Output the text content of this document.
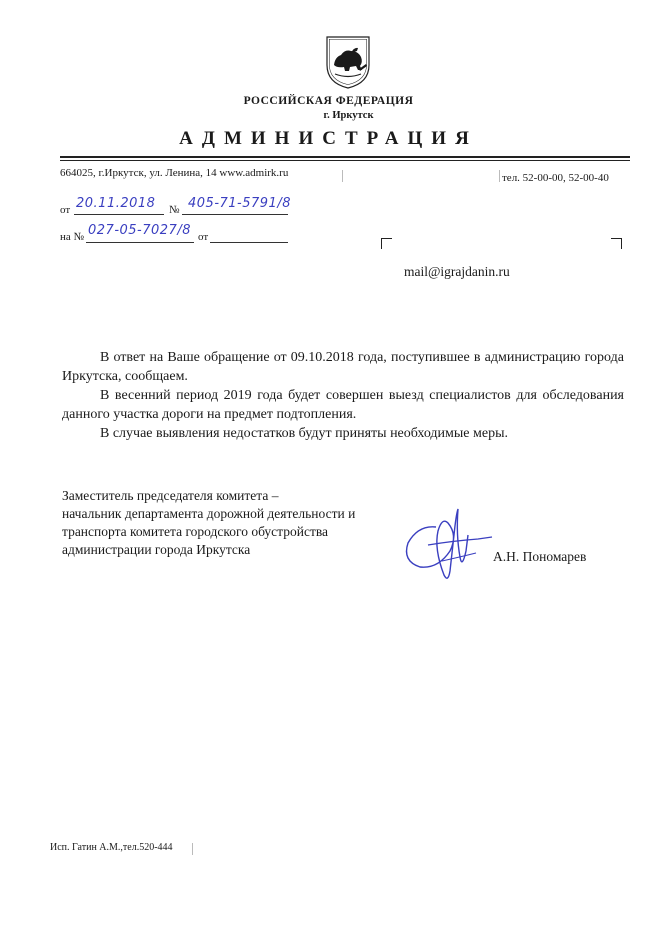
РОССИЙСКАЯ ФЕДЕРАЦИЯ
г. Иркутск
АДМИНИСТРАЦИЯ
664025, г.Иркутск, ул. Ленина, 14 www.admirk.ru	тел. 52-00-00, 52-00-40
от 20.11.2018 № 405-71-5791/8
на № 027-05-7027/8 от
mail@igrajdanin.ru

В ответ на Ваше обращение от 09.10.2018 года, поступившее в администрацию города Иркутска, сообщаем.

В весенний период 2019 года будет совершен выезд специалистов для обследования данного участка дороги на предмет подтопления.

В случае выявления недостатков будут приняты необходимые меры.

Заместитель председателя комитета –
начальник департамента дорожной деятельности и
транспорта комитета городского обустройства
администрации города Иркутска	А.Н. Пономарев
Исп. Гатин А.М.,тел.520-444
